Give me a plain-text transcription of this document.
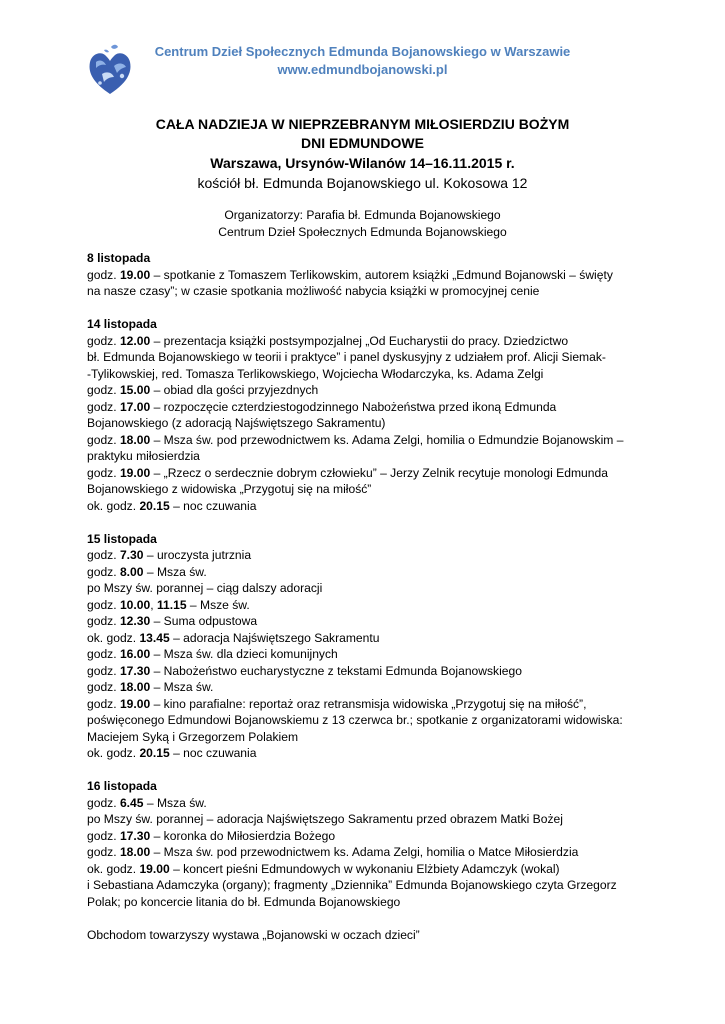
Centrum Dzieł Społecznych Edmunda Bojanowskiego w Warszawie
www.edmundbojanowski.pl
CAŁA NADZIEJA W NIEPRZEBRANYM MIŁOSIERDZIU BOŻYM
DNI EDMUNDOWE
Warszawa, Ursynów-Wilanów 14–16.11.2015 r.
kościół bł. Edmunda Bojanowskiego ul. Kokosowa 12
Organizatorzy: Parafia bł. Edmunda Bojanowskiego
Centrum Dzieł Społecznych Edmunda Bojanowskiego
8 listopada
godz. 19.00 – spotkanie z Tomaszem Terlikowskim, autorem książki „Edmund Bojanowski – święty
na nasze czasy”; w czasie spotkania możliwość nabycia książki w promocyjnej cenie
14 listopada
godz. 12.00 – prezentacja książki postsympozjalnej „Od Eucharystii do pracy. Dziedzictwo
bł. Edmunda Bojanowskiego w teorii i praktyce” i panel dyskusyjny z udziałem prof. Alicji Siemak-
-Tylikowskiej, red. Tomasza Terlikowskiego, Wojciecha Włodarczyka, ks. Adama Zelgi
godz. 15.00 – obiad dla gości przyjezdnych
godz. 17.00 – rozpoczęcie czterdziestogodzinnego Nabożeństwa przed ikoną Edmunda
Bojanowskiego (z adoracją Najświętszego Sakramentu)
godz. 18.00 – Msza św. pod przewodnictwem ks. Adama Zelgi, homilia o Edmundzie Bojanowskim –
praktyku miłosierdzia
godz. 19.00 – „Rzecz o serdecznie dobrym człowieku” – Jerzy Zelnik recytuje monologi Edmunda
Bojanowskiego z widowiska „Przygotuj się na miłość”
ok. godz. 20.15 – noc czuwania
15 listopada
godz. 7.30 – uroczysta jutrznia
godz. 8.00 – Msza św.
po Mszy św. porannej – ciąg dalszy adoracji
godz. 10.00, 11.15 – Msze św.
godz. 12.30 – Suma odpustowa
ok. godz. 13.45 – adoracja Najświętszego Sakramentu
godz. 16.00 – Msza św. dla dzieci komunijnych
godz. 17.30 – Nabożeństwo eucharystyczne z tekstami Edmunda Bojanowskiego
godz. 18.00 – Msza św.
godz. 19.00 – kino parafialne: reportaż oraz retransmisja widowiska „Przygotuj się na miłość”,
poświęconego Edmundowi Bojanowskiemu z 13 czerwca br.; spotkanie z organizatorami widowiska:
Maciejem Syką i Grzegorzem Polakiem
ok. godz. 20.15 – noc czuwania
16 listopada
godz. 6.45 – Msza św.
po Mszy św. porannej – adoracja Najświętszego Sakramentu przed obrazem Matki Bożej
godz. 17.30 – koronka do Miłosierdzia Bożego
godz. 18.00 – Msza św. pod przewodnictwem ks. Adama Zelgi, homilia o Matce Miłosierdzia
ok. godz. 19.00 – koncert pieśni Edmundowych w wykonaniu Elżbiety Adamczyk (wokal)
i Sebastiana Adamczyka (organy); fragmenty „Dziennika” Edmunda Bojanowskiego czyta Grzegorz
Polak; po koncercie litania do bł. Edmunda Bojanowskiego
Obchodom towarzyszy wystawa „Bojanowski w oczach dzieci”
